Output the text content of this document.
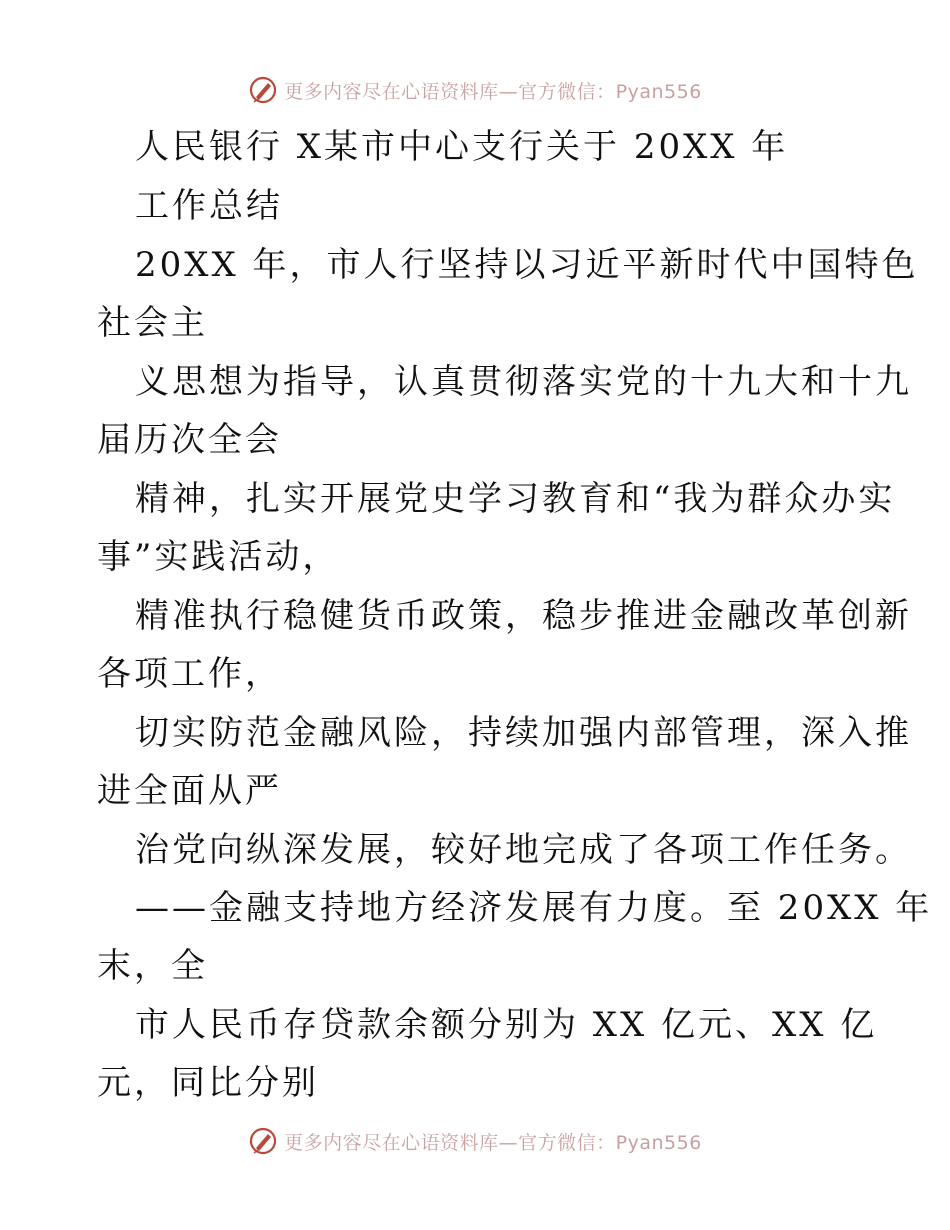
更多内容尽在心语资料库—官方微信：Pyan556
人民银行 X某市中心支行关于 20XX 年
工作总结
20XX 年，市人行坚持以习近平新时代中国特色
社会主
义思想为指导，认真贯彻落实党的十九大和十九
届历次全会
精神，扎实开展党史学习教育和“我为群众办实
事”实践活动，
精准执行稳健货币政策，稳步推进金融改革创新
各项工作，
切实防范金融风险，持续加强内部管理，深入推
进全面从严
治党向纵深发展，较好地完成了各项工作任务。
——金融支持地方经济发展有力度。至 20XX 年
末，全
市人民币存贷款余额分别为 XX 亿元、XX 亿
元，同比分别
更多内容尽在心语资料库—官方微信：Pyan556
